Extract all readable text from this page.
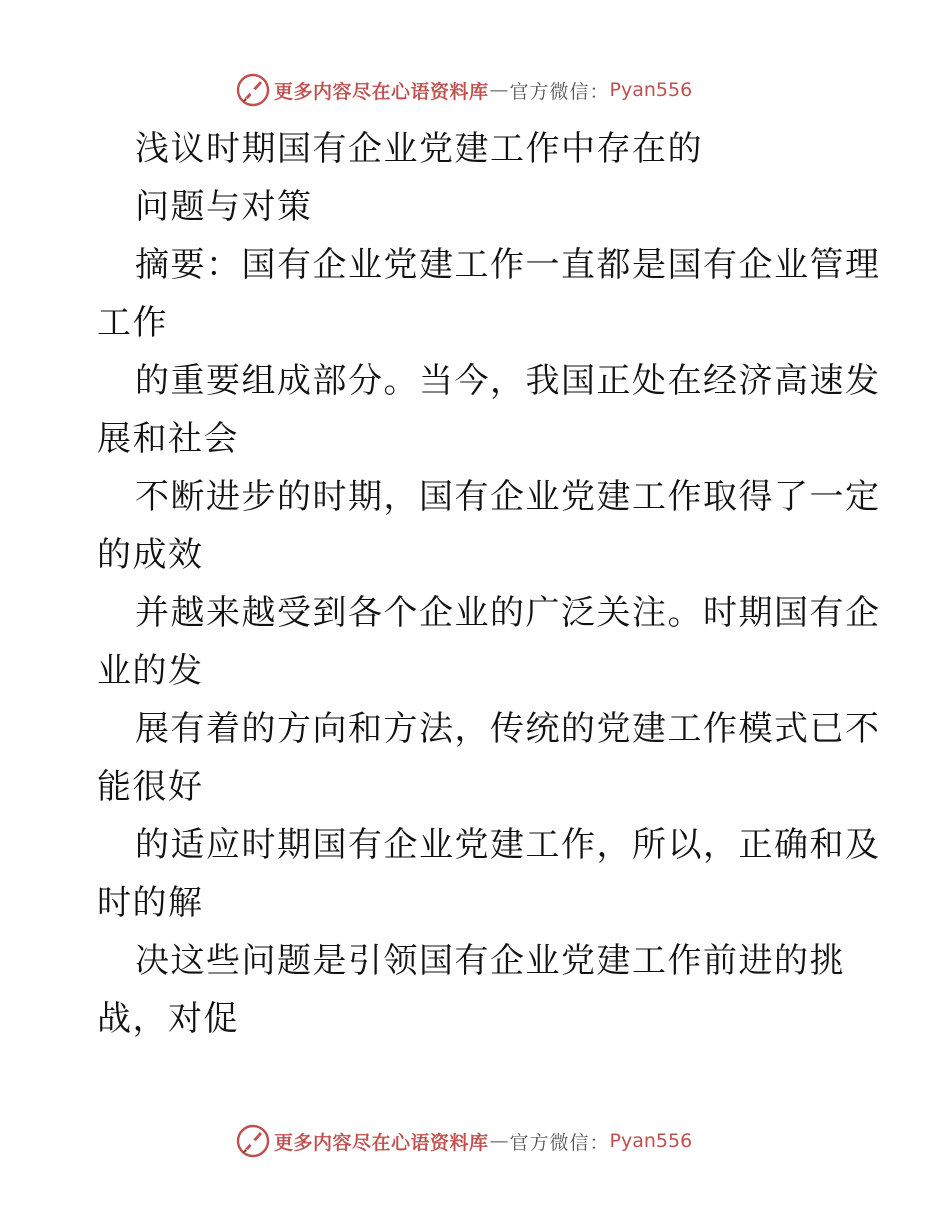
更多内容尽在心语资料库 — 官方微信： Pyan556
浅议时期国有企业党建工作中存在的
问题与对策
摘要：国有企业党建工作一直都是国有企业管理
工作
的重要组成部分。当今，我国正处在经济高速发
展和社会
不断进步的时期，国有企业党建工作取得了一定
的成效
并越来越受到各个企业的广泛关注。时期国有企
业的发
展有着的方向和方法，传统的党建工作模式已不
能很好
的适应时期国有企业党建工作，所以，正确和及
时的解
决这些问题是引领国有企业党建工作前进的挑
战，对促
更多内容尽在心语资料库 — 官方微信： Pyan556
